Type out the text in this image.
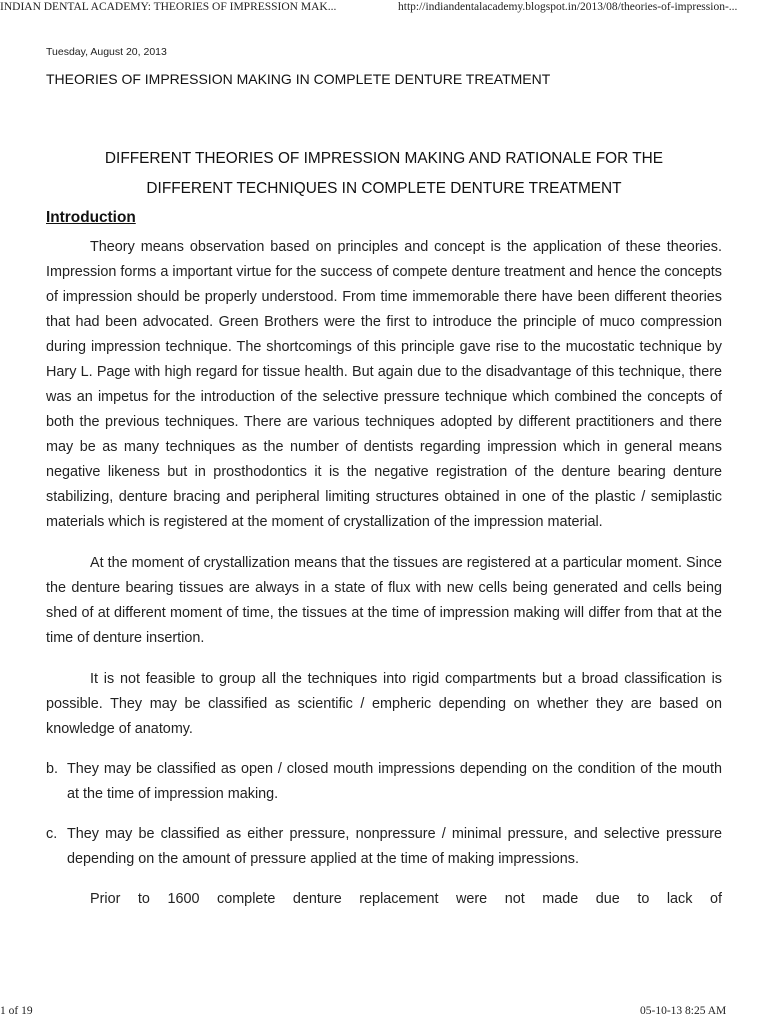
INDIAN DENTAL ACADEMY: THEORIES OF IMPRESSION MAK...	http://indiandentalacademy.blogspot.in/2013/08/theories-of-impression-...
Tuesday, August 20, 2013
THEORIES OF IMPRESSION MAKING IN COMPLETE DENTURE TREATMENT
DIFFERENT THEORIES OF IMPRESSION MAKING AND RATIONALE FOR THE
DIFFERENT TECHNIQUES IN COMPLETE DENTURE TREATMENT
Introduction

Theory means observation based on principles and concept is the application of these theories. Impression forms a important virtue for the success of compete denture treatment and hence the concepts of impression should be properly understood. From time immemorable there have been different theories that had been advocated. Green Brothers were the first to introduce the principle of muco compression during impression technique. The shortcomings of this principle gave rise to the mucostatic technique by Hary L. Page with high regard for tissue health. But again due to the disadvantage of this technique, there was an impetus for the introduction of the selective pressure technique which combined the concepts of both the previous techniques. There are various techniques adopted by different practitioners and there may be as many techniques as the number of dentists regarding impression which in general means negative likeness but in prosthodontics it is the negative registration of the denture bearing denture stabilizing, denture bracing and peripheral limiting structures obtained in one of the plastic / semiplastic materials which is registered at the moment of crystallization of the impression material.

At the moment of crystallization means that the tissues are registered at a particular moment. Since the denture bearing tissues are always in a state of flux with new cells being generated and cells being shed of at different moment of time, the tissues at the time of impression making will differ from that at the time of denture insertion.

It is not feasible to group all the techniques into rigid compartments but a broad classification is possible. They may be classified as scientific / empheric depending on whether they are based on knowledge of anatomy.

b. They may be classified as open / closed mouth impressions depending on the condition of the mouth at the time of impression making.
c. They may be classified as either pressure, nonpressure / minimal pressure, and selective pressure depending on the amount of pressure applied at the time of making impressions.
Prior to 1600 complete denture replacement were not made due to lack of
1 of 19	05-10-13 8:25 AM
